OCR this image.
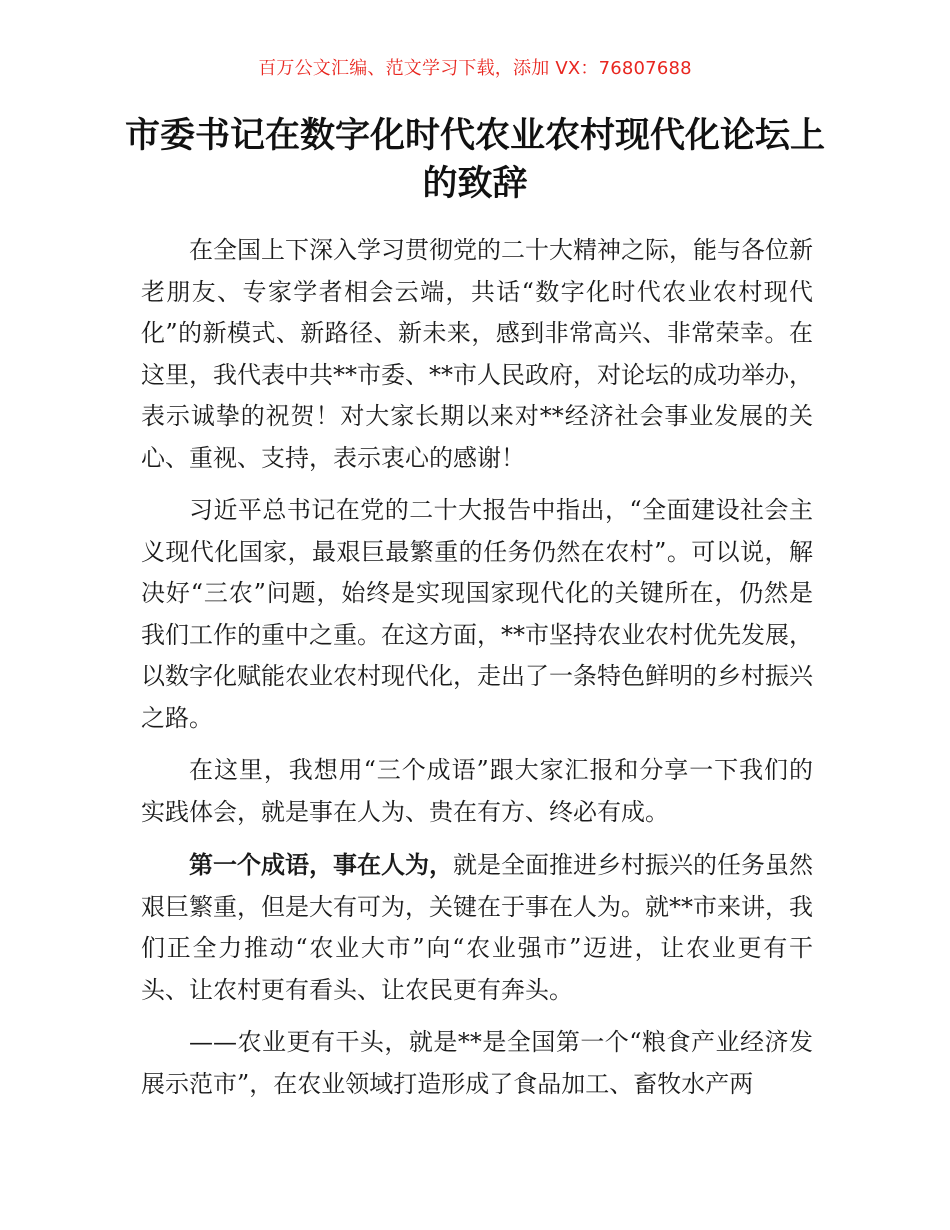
百万公文汇编、范文学习下载，添加 VX：76807688
市委书记在数字化时代农业农村现代化论坛上的致辞

在全国上下深入学习贯彻党的二十大精神之际，能与各位新老朋友、专家学者相会云端，共话“数字化时代农业农村现代化”的新模式、新路径、新未来，感到非常高兴、非常荣幸。在这里，我代表中共**市委、**市人民政府，对论坛的成功举办，表示诚挚的祝贺！对大家长期以来对**经济社会事业发展的关心、重视、支持，表示衷心的感谢！

习近平总书记在党的二十大报告中指出，“全面建设社会主义现代化国家，最艰巨最繁重的任务仍然在农村”。可以说，解决好“三农”问题，始终是实现国家现代化的关键所在，仍然是我们工作的重中之重。在这方面，**市坚持农业农村优先发展，以数字化赋能农业农村现代化，走出了一条特色鲜明的乡村振兴之路。

在这里，我想用“三个成语”跟大家汇报和分享一下我们的实践体会，就是事在人为、贵在有方、终必有成。

第一个成语，事在人为，就是全面推进乡村振兴的任务虽然艰巨繁重，但是大有可为，关键在于事在人为。就**市来讲，我们正全力推动“农业大市”向“农业强市”迈进，让农业更有干头、让农村更有看头、让农民更有奔头。

——农业更有干头，就是**是全国第一个“粮食产业经济发展示范市”，在农业领域打造形成了食品加工、畜牧水产两
